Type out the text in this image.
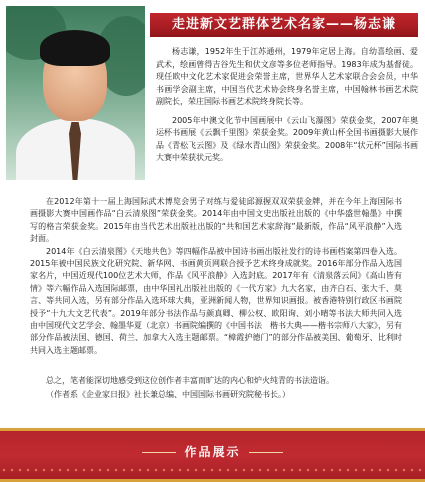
走进新文艺群体艺术名家——杨志谦

杨志谦，1952年生于江苏通州，1979年定居上海。自幼喜绘画、爱武术，绘画曾得吉谷先生和伏文彦等多位老师指导。1983年成为基督徒。现任欧中文化艺术家促进会荣誉主席，世界华人艺术家联合会会员，中华书画学会副主席，中国当代艺术协会终身名誉主席，中国翰林书画艺术院副院长，荣庄国际书画艺术院终身院长等。

2005年中澳文化节中国画展中《云山飞瀑图》荣获金奖，2007年奥运杯书画展《云飘千里图》荣获金奖。2009年黄山杯全国书画摄影大展作品《青松飞云图》及《绿水青山图》荣获金奖。2008年“状元杯”国际书画大赛中荣获状元奖。

在2012年第十一届上海国际武术博览会男子对练与爱徒邱源握双双荣获金牌，并在今年上海国际书画摄影大赛中国画作品“白云清泉图”荣获金奖。2014年由中国文史出版社出版的《中华盛世翰墨》中撰写的格言荣获金奖。2015年由当代艺术出版社出版的“共和国艺术家辞海”最新版，作品“风平浪静”入选封面。

2014年《白云清泉图》《天地共色》等四幅作品被中国诗书画出版社发行的诗书画档案第四卷入选。2015年被中国民族文化研究院、新华网、书画黄页网联合授予艺术终身成就奖。2016年部分作品入选国家名片，中国近现代100位艺术大师，作品《风平浪静》入选封底。2017年有《清泉落云间》《高山皆有情》等六幅作品入选国际邮票，由中华国礼出版社出版的《一代方家》九大名家，由齐白石、张大千、莫言、等共同入选，另有部分作品入选环球大典，亚洲新闻人物，世界知识画报。被香港特别行政区书画院授予“十九大文艺代表”。2019年部分书法作品与颜真卿、柳公权、欧阳询、刘小晴等书法大师共同入选由中国现代文艺学会、翰墨华夏（北京）书画院编撰的《中国书法　楷书大典——楷书宗师八大家》，另有部分作品被法国、德国、荷兰、加拿大入选主题邮票。“樟霞护德门”的部分作品被美国、葡萄牙、比利时共同入选主题邮票。

总之，笔者能深切地感受到这位创作者丰富而旷达的内心和炉火纯青的书法造诣。

（作者系《企业家日报》社长兼总编、中国国际书画研究院秘书长。）

作品展示
